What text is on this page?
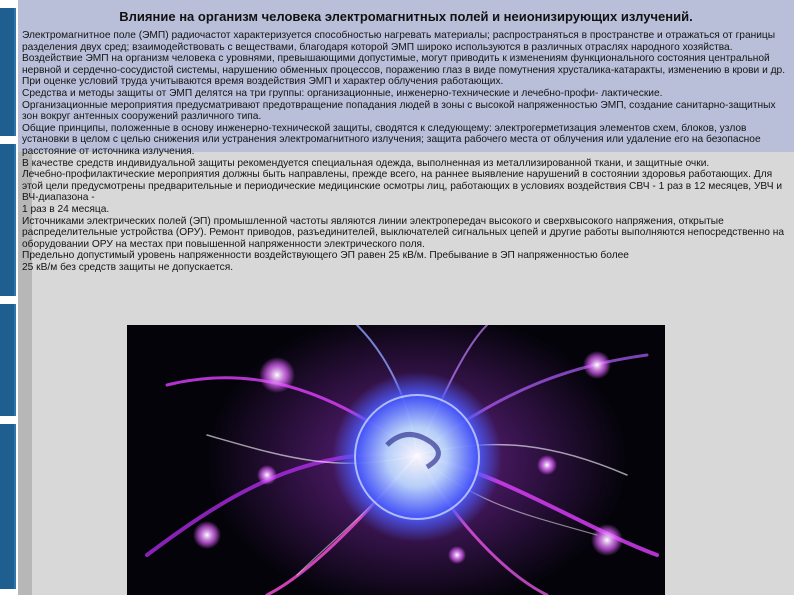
Влияние на организм человека электромагнитных полей и неионизирующих излучений.

Электромагнитное поле (ЭМП) радиочастот характеризуется способностью нагревать материалы; распространяться в пространстве и отражаться от границы разделения двух сред; взаимодействовать с веществами, благодаря которой ЭМП широко используются в различных отраслях народного хозяйства. Воздействие ЭМП на организм человека с уровнями, превышающими допустимые, могут приводить к изменениям функционального состояния центральной нервной и сердечно-сосудистой системы, нарушению обменных процессов, поражению глаз в виде помутнения хрусталика-катаракты, изменению в крови и др. При оценке условий труда учитываются время воздействия ЭМП и характер облучения работающих.

Средства и методы защиты от ЭМП делятся на три группы: организационные, инженерно-технические и лечебно-профи- лактические.

Организационные мероприятия предусматривают предотвращение попадания людей в зоны с высокой напряженностью ЭМП, создание санитарно-защитных зон вокруг антенных сооружений различного типа.

Общие принципы, положенные в основу инженерно-технической защиты, сводятся к следующему: электрогерметизация элементов схем, блоков, узлов установки в целом с целью снижения или устранения электромагнитного излучения; защита рабочего места от облучения или удаление его на безопасное расстояние от источника излучения.

В качестве средств индивидуальной защиты рекомендуется специальная одежда, выполненная из металлизированной ткани, и защитные очки.

Лечебно-профилактические мероприятия должны быть направлены, прежде всего, на раннее выявление нарушений в состоянии здоровья работающих. Для этой цели предусмотрены предварительные и периодические медицинские осмотры лиц, работающих в условиях воздействия СВЧ - 1 раз в 12 месяцев, УВЧ и ВЧ-диапазона -

1 раз в 24 месяца.

Источниками электрических полей (ЭП) промышленной частоты являются линии электропередач высокого и сверхвысокого напряжения, открытые распределительные устройства (ОРУ). Ремонт приводов, разъединителей, выключателей сигнальных цепей и другие работы выполняются непосредственно на оборудовании ОРУ на местах при повышенной напряженности электрического поля.

Предельно допустимый уровень напряженности воздействующего ЭП равен 25 кВ/м. Пребывание в ЭП напряженностью более

25 кВ/м без средств защиты не допускается.
